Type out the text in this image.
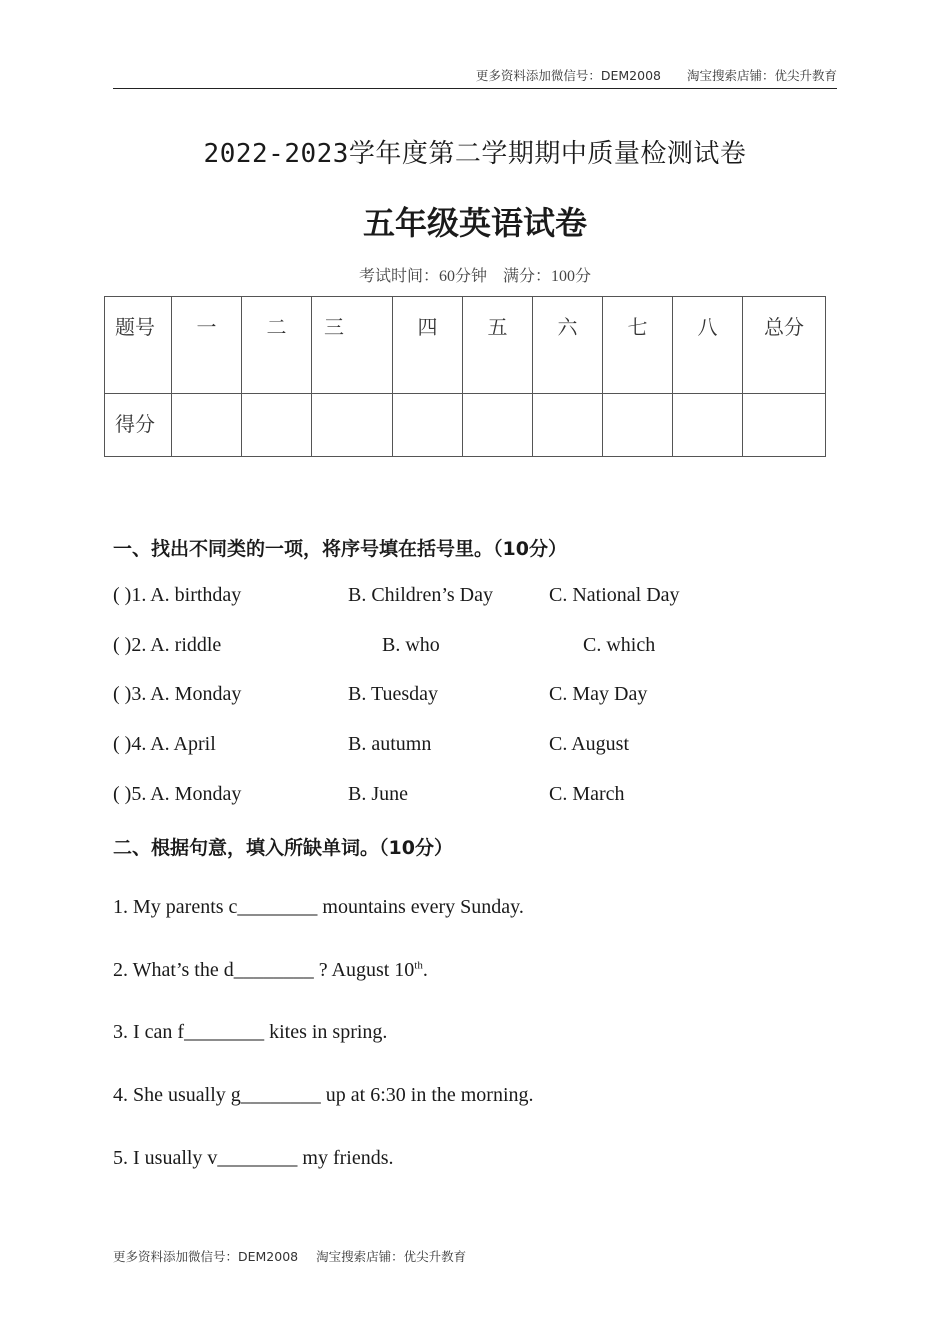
更多资料添加微信号：DEM2008 淘宝搜索店铺：优尖升教育
2022-2023学年度第二学期期中质量检测试卷
五年级英语试卷
考试时间：60分钟 满分：100分
题号	一	二	三	四	五	六	七	八	总分
得分									
一、找出不同类的一项，将序号填在括号里。（10分）
( )1. A. birthday	B. Children’s Day	C. National Day
( )2. A. riddle	B. who	C. which
( )3. A. Monday	B. Tuesday	C. May Day
( )4. A. April	B. autumn	C. August
( )5. A. Monday	B. June	C. March
二、根据句意，填入所缺单词。（10分）
1. My parents c________ mountains every Sunday.
2. What’s the d________ ? August 10th.
3. I can f________ kites in spring.
4. She usually g________ up at 6:30 in the morning.
5. I usually v________ my friends.
更多资料添加微信号：DEM2008 淘宝搜索店铺：优尖升教育
